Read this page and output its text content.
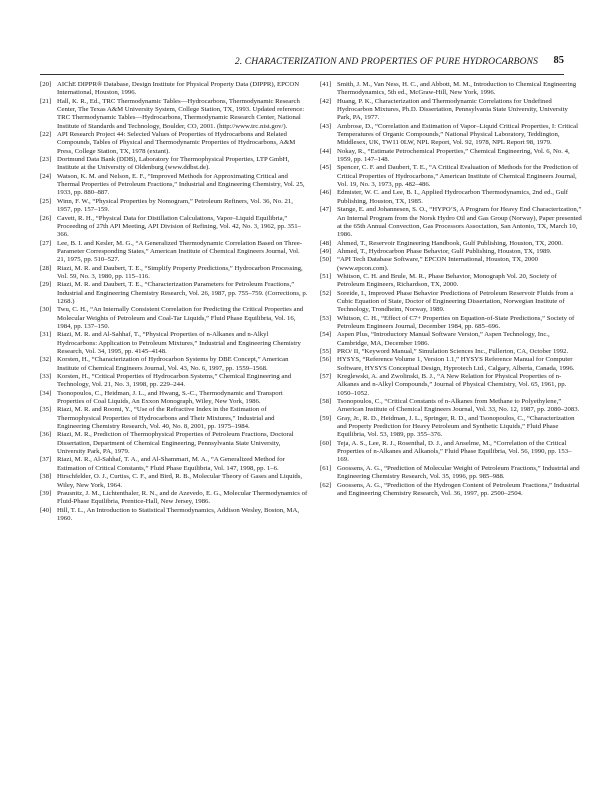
2. CHARACTERIZATION AND PROPERTIES OF PURE HYDROCARBONS 85
[20] AIChE DIPPR® Database, Design Institute for Physical Property Data (DIPPR), EPCON International, Houston, 1996.
[21] Hall, K. R., Ed., TRC Thermodynamic Tables—Hydrocarbons, Thermodynamic Research Center, The Texas A&M University System, College Station, TX, 1993. Updated reference: TRC Thermodynamic Tables—Hydrocarbons, Thermodynamic Research Center, National Institute of Standards and Technology, Boulder, CO, 2001. (http://www.trc.nist.gov/).
[22] API Research Project 44: Selected Values of Properties of Hydrocarbons and Related Compounds, Tables of Physical and Thermodynamic Properties of Hydrocarbons, A&M Press, College Station, TX, 1978 (extant).
[23] Dortmund Data Bank (DDB), Laboratory for Thermophysical Properties, LTP GmbH, Institute at the University of Oldenburg (www.ddbst.de).
[24] Watson, K. M. and Nelson, E. F., “Improved Methods for Approximating Critical and Thermal Properties of Petroleum Fractions,” Industrial and Engineering Chemistry, Vol. 25, 1933, pp. 880–887.
[25] Winn, F. W., “Physical Properties by Nomogram,” Petroleum Refiners, Vol. 36, No. 21, 1957, pp. 157–159.
[26] Cavett, R. H., “Physical Data for Distillation Calculations, Vapor–Liquid Equilibria,” Proceeding of 27th API Meeting, API Division of Refining, Vol. 42, No. 3, 1962, pp. 351–366.
[27] Lee, B. I. and Kesler, M. G., “A Generalized Thermodynamic Correlation Based on Three- Parameter Corresponding States,” American Institute of Chemical Engineers Journal, Vol. 21, 1975, pp. 510–527.
[28] Riazi, M. R. and Daubert, T. E., “Simplify Property Predictions,” Hydrocarbon Processing, Vol. 59, No. 3, 1980, pp. 115–116.
[29] Riazi, M. R. and Daubert, T. E., “Characterization Parameters for Petroleum Fractions,” Industrial and Engineering Chemistry Research, Vol. 26, 1987, pp. 755–759. (Corrections, p. 1268.)
[30] Twu, C. H., “An Internally Consistent Correlation for Predicting the Critical Properties and Molecular Weights of Petroleum and Coal-Tar Liquids,” Fluid Phase Equilibria, Vol. 16, 1984, pp. 137–150.
[31] Riazi, M. R. and Al-Sahhaf, T., “Physical Properties of n-Alkanes and n-Alkyl Hydrocarbons: Application to Petroleum Mixtures,” Industrial and Engineering Chemistry Research, Vol. 34, 1995, pp. 4145–4148.
[32] Korsten, H., “Characterization of Hydrocarbon Systems by DBE Concept,” American Institute of Chemical Engineers Journal, Vol. 43, No. 6, 1997, pp. 1559–1568.
[33] Korsten, H., “Critical Properties of Hydrocarbon Systems,” Chemical Engineering and Technology, Vol. 21, No. 3, 1998, pp. 229–244.
[34] Tsonopoulos, C., Heidman, J. L., and Hwang, S.-C., Thermodynamic and Transport Properties of Coal Liquids, An Exxon Monograph, Wiley, New York, 1986.
[35] Riazi, M. R. and Roomi, Y., “Use of the Refractive Index in the Estimation of Thermophysical Properties of Hydrocarbons and Their Mixtures,” Industrial and Engineering Chemistry Research, Vol. 40, No. 8, 2001, pp. 1975–1984.
[36] Riazi, M. R., Prediction of Thermophysical Properties of Petroleum Fractions, Doctoral Dissertation, Department of Chemical Engineering, Pennsylvania State University, University Park, PA, 1979.
[37] Riazi, M. R., Al-Sahhaf, T. A., and Al-Shammari, M. A., “A Generalized Method for Estimation of Critical Constants,” Fluid Phase Equilibria, Vol. 147, 1998, pp. 1–6.
[38] Hirschfelder, O. J., Curtiss, C. F., and Bird, R. B., Molecular Theory of Gases and Liquids, Wiley, New York, 1964.
[39] Prausnitz, J. M., Lichtenthaler, R. N., and de Azevedo, E. G., Molecular Thermodynamics of Fluid-Phase Equilibria, Prentice-Hall, New Jersey, 1986.
[40] Hill, T. L., An Introduction to Statistical Thermodynamics, Addison Wesley, Boston, MA, 1960.
[41] Smith, J. M., Van Ness, H. C., and Abbott, M. M., Introduction to Chemical Engineering Thermodynamics, 5th ed., McGraw-Hill, New York, 1996.
[42] Huang, P. K., Characterization and Thermodynamic Correlations for Undefined Hydrocarbon Mixtures, Ph.D. Dissertation, Pennsylvania State University, University Park, PA, 1977.
[43] Ambrose, D., “Correlation and Estimation of Vapor–Liquid Critical Properties, I: Critical Temperatures of Organic Compounds,” National Physical Laboratory, Teddington, Middlesex, UK, TW11 0LW, NPL Report, Vol. 92, 1978, NPL Report 98, 1979.
[44] Nokay, R., “Estimate Petrochemical Properties,” Chemical Engineering, Vol. 6, No. 4, 1959, pp. 147–148.
[45] Spencer, C. F. and Daubert, T. E., “A Critical Evaluation of Methods for the Prediction of Critical Properties of Hydrocarbons,” American Institute of Chemical Engineers Journal, Vol. 19, No. 3, 1973, pp. 482–486.
[46] Edmister, W. C. and Lee, B. I., Applied Hydrocarbon Thermodynamics, 2nd ed., Gulf Publishing, Houston, TX, 1985.
[47] Stange, E. and Johannesen, S. O., “HYPO’S, A Program for Heavy End Characterization,” An Internal Program from the Norsk Hydro Oil and Gas Group (Norway), Paper presented at the 65th Annual Convection, Gas Processors Association, San Antonio, TX, March 10, 1986.
[48] Ahmed, T., Reservoir Engineering Handbook, Gulf Publishing, Houston, TX, 2000.
[49] Ahmed, T., Hydrocarbon Phase Behavior, Gulf Publishing, Houston, TX, 1989.
[50] “API Tech Database Software,” EPCON International, Houston, TX, 2000 (www.epcon.com).
[51] Whitson, C. H. and Brule, M. R., Phase Behavior, Monograph Vol. 20, Society of Petroleum Engineers, Richardson, TX, 2000.
[52] Soreide, I., Improved Phase Behavior Predictions of Petroleum Reservoir Fluids from a Cubic Equation of State, Doctor of Engineering Dissertation, Norwegian Institute of Technology, Trondheim, Norway, 1989.
[53] Whitson, C. H., “Effect of C7+ Properties on Equation-of-State Predictions,” Society of Petroleum Engineers Journal, December 1984, pp. 685–696.
[54] Aspen Plus, “Introductory Manual Software Version,” Aspen Technology, Inc., Cambridge, MA, December 1986.
[55] PRO/ II, “Keyword Manual,” Simulation Sciences Inc., Fullerton, CA, October 1992.
[56] HYSYS, “Reference Volume 1, Version 1.1,” HYSYS Reference Manual for Computer Software, HYSYS Conceptual Design, Hyprotech Ltd., Calgary, Alberta, Canada, 1996.
[57] Kreglewski, A. and Zwolinski, B. J., “A New Relation for Physical Properties of n-Alkanes and n-Alkyl Compounds,” Journal of Physical Chemistry, Vol. 65, 1961, pp. 1050–1052.
[58] Tsonopoulos, C., “Critical Constants of n-Alkanes from Methane to Polyethylene,” American Institute of Chemical Engineers Journal, Vol. 33, No. 12, 1987, pp. 2080–2083.
[59] Gray, Jr., R. D., Heidman, J. L., Springer, R. D., and Tsonopoulos, C., “Characterization and Property Prediction for Heavy Petroleum and Synthetic Liquids,” Fluid Phase Equilibria, Vol. 53, 1989, pp. 355–376.
[60] Teja, A. S., Lee, R. J., Rosenthal, D. J., and Anselme, M., “Correlation of the Critical Properties of n-Alkanes and Alkanols,” Fluid Phase Equilibria, Vol. 56, 1990, pp. 153–169.
[61] Goossens, A. G., “Prediction of Molecular Weight of Petroleum Fractions,” Industrial and Engineering Chemistry Research, Vol. 35, 1996, pp. 985–988.
[62] Goossens, A. G., “Prediction of the Hydrogen Content of Petroleum Fractions,” Industrial and Engineering Chemistry Research, Vol. 36, 1997, pp. 2500–2504.
